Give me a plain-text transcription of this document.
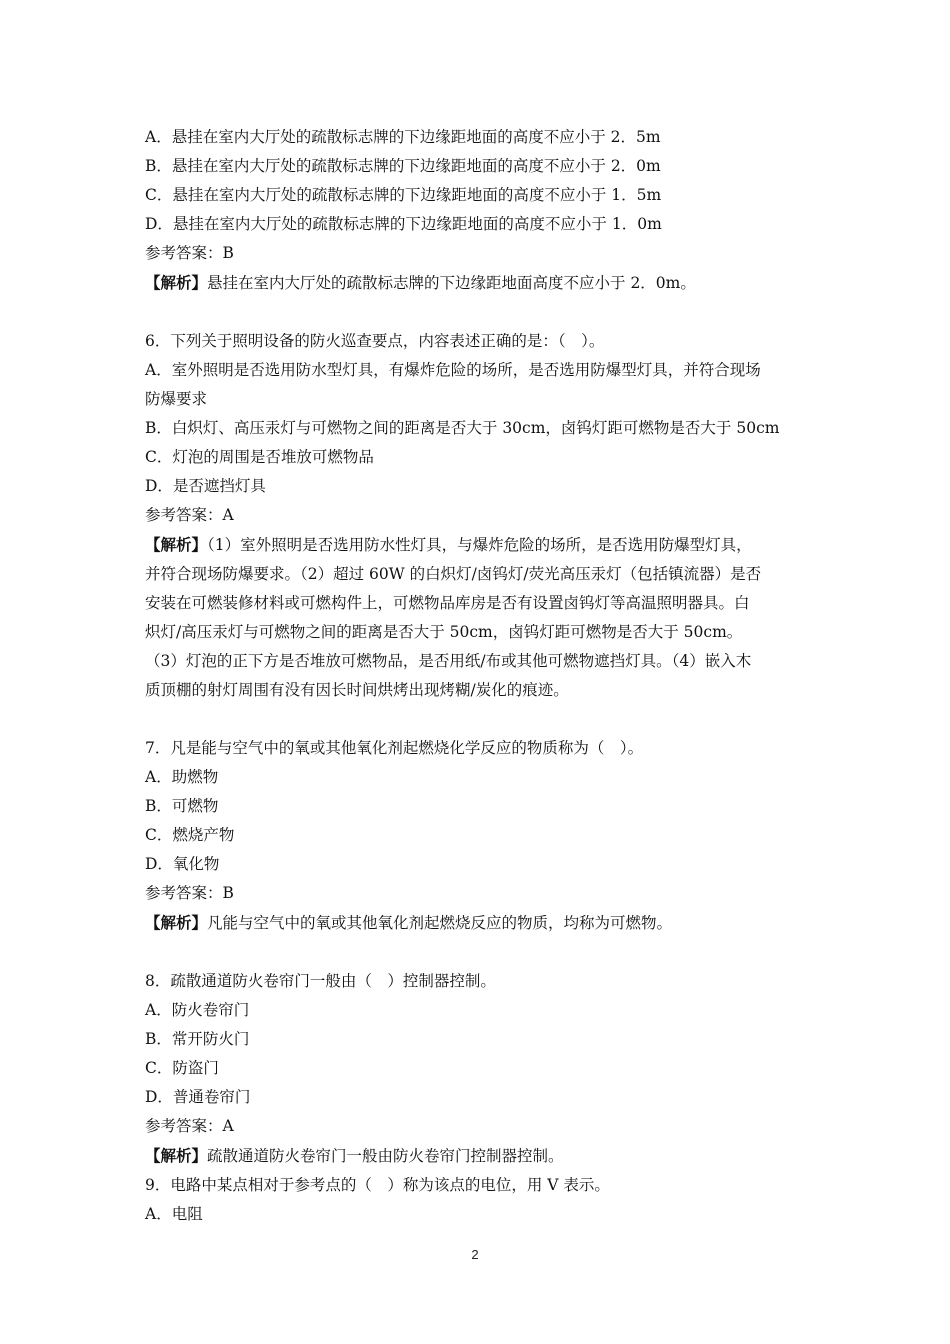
A．悬挂在室内大厅处的疏散标志牌的下边缘距地面的高度不应小于 2．5m
B．悬挂在室内大厅处的疏散标志牌的下边缘距地面的高度不应小于 2．0m
C．悬挂在室内大厅处的疏散标志牌的下边缘距地面的高度不应小于 1．5m
D．悬挂在室内大厅处的疏散标志牌的下边缘距地面的高度不应小于 1．0m
参考答案：B
【解析】悬挂在室内大厅处的疏散标志牌的下边缘距地面高度不应小于 2．0m。
6．下列关于照明设备的防火巡查要点，内容表述正确的是：（　）。
A．室外照明是否选用防水型灯具，有爆炸危险的场所，是否选用防爆型灯具，并符合现场
防爆要求
B．白炽灯、高压汞灯与可燃物之间的距离是否大于 30cm，卤钨灯距可燃物是否大于 50cm
C．灯泡的周围是否堆放可燃物品
D．是否遮挡灯具
参考答案：A
【解析】（1）室外照明是否选用防水性灯具，与爆炸危险的场所，是否选用防爆型灯具，
并符合现场防爆要求。（2）超过 60W 的白炽灯/卤钨灯/荧光高压汞灯（包括镇流器）是否
安装在可燃装修材料或可燃构件上，可燃物品库房是否有设置卤钨灯等高温照明器具。白
炽灯/高压汞灯与可燃物之间的距离是否大于 50cm，卤钨灯距可燃物是否大于 50cm。
（3）灯泡的正下方是否堆放可燃物品，是否用纸/布或其他可燃物遮挡灯具。（4）嵌入木
质顶棚的射灯周围有没有因长时间烘烤出现烤糊/炭化的痕迹。
7．凡是能与空气中的氧或其他氧化剂起燃烧化学反应的物质称为（　）。
A．助燃物
B．可燃物
C．燃烧产物
D．氧化物
参考答案：B
【解析】凡能与空气中的氧或其他氧化剂起燃烧反应的物质，均称为可燃物。
8．疏散通道防火卷帘门一般由（　）控制器控制。
A．防火卷帘门
B．常开防火门
C．防盗门
D．普通卷帘门
参考答案：A
【解析】疏散通道防火卷帘门一般由防火卷帘门控制器控制。
9．电路中某点相对于参考点的（　）称为该点的电位，用 V 表示。
A．电阻
2
